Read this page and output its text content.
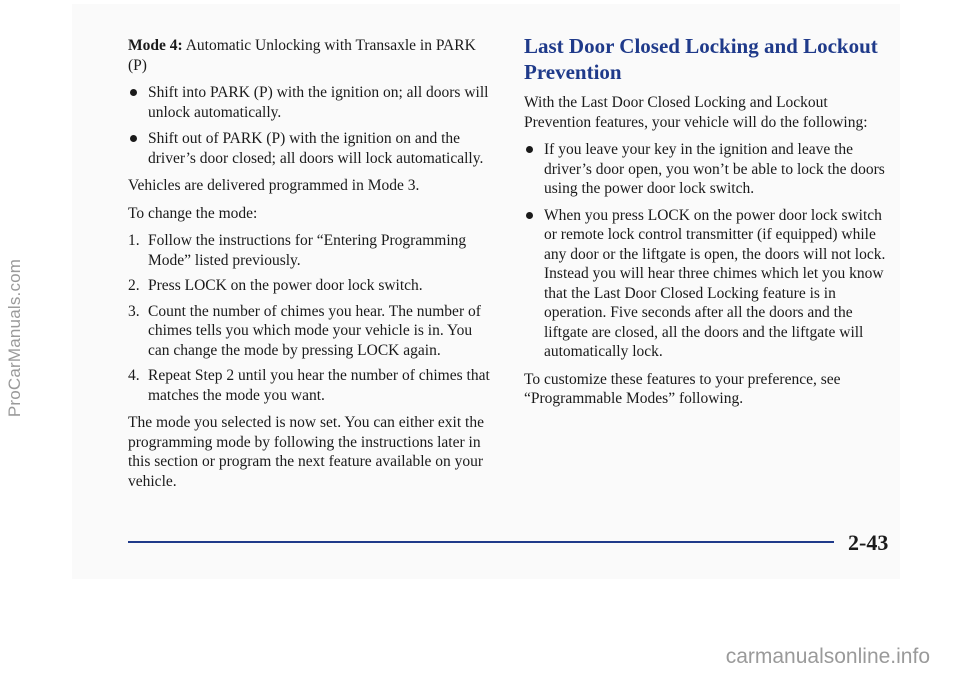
ProCarManuals.com

Mode 4: Automatic Unlocking with Transaxle in PARK (P)

Shift into PARK (P) with the ignition on; all doors will unlock automatically.
Shift out of PARK (P) with the ignition on and the driver’s door closed; all doors will lock automatically.

Vehicles are delivered programmed in Mode 3.

To change the mode:

1. Follow the instructions for “Entering Programming Mode” listed previously.
2. Press LOCK on the power door lock switch.
3. Count the number of chimes you hear. The number of chimes tells you which mode your vehicle is in. You can change the mode by pressing LOCK again.
4. Repeat Step 2 until you hear the number of chimes that matches the mode you want.

The mode you selected is now set. You can either exit the programming mode by following the instructions later in this section or program the next feature available on your vehicle.

Last Door Closed Locking and Lockout Prevention

With the Last Door Closed Locking and Lockout Prevention features, your vehicle will do the following:

If you leave your key in the ignition and leave the driver’s door open, you won’t be able to lock the doors using the power door lock switch.
When you press LOCK on the power door lock switch or remote lock control transmitter (if equipped) while any door or the liftgate is open, the doors will not lock. Instead you will hear three chimes which let you know that the Last Door Closed Locking feature is in operation. Five seconds after all the doors and the liftgate are closed, all the doors and the liftgate will automatically lock.

To customize these features to your preference, see “Programmable Modes” following.

2-43
carmanualsonline.info
